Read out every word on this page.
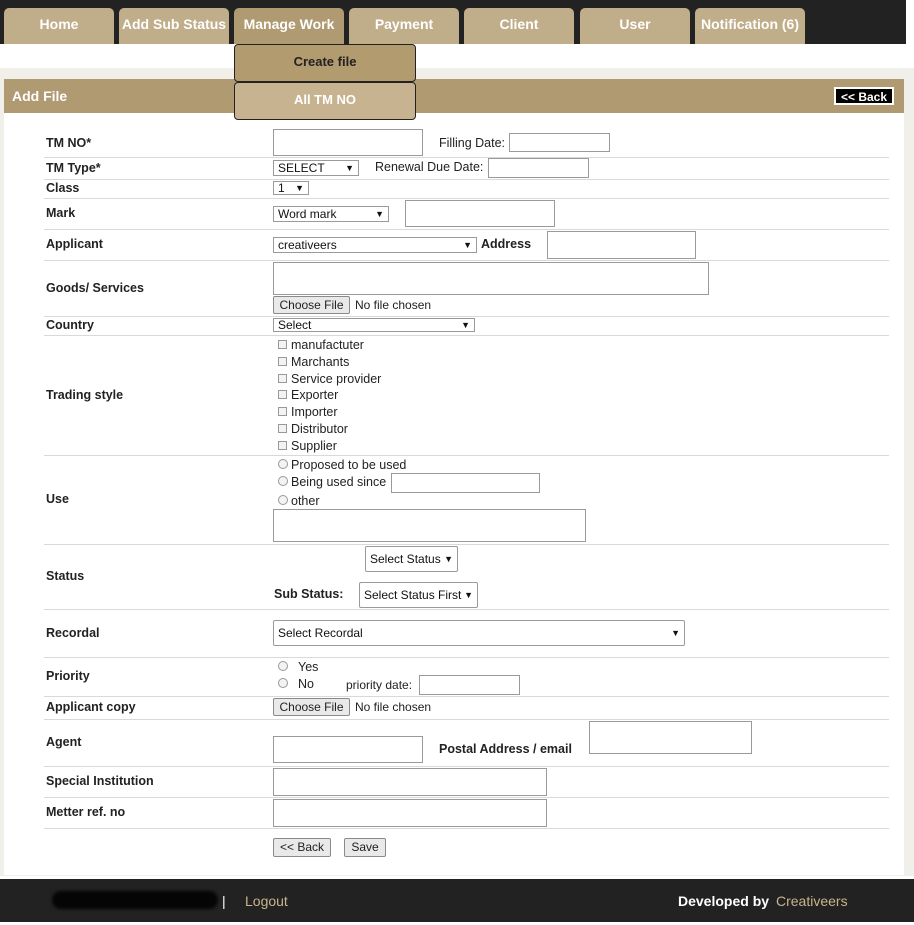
Home	Add Sub Status	Manage Work	Payment	Client	User	Notification (6)
Add File	<< Back
Create file
All TM NO
TM NO*	Filling Date:
TM Type*	SELECT ▼ Renewal Due Date:
Class	1 ▼
Mark	Word mark	▼
Applicant	creativeers	▼ Address
Goods/ Services
Choose File No file chosen
Country	Select	▼
Trading style
manufactuter
Marchants
Service provider
Exporter
Importer
Distributor
Supplier
Use
Proposed to be used
Being used since
other
Status
Select Status ▼
Sub Status:	Select Status First ▼
Recordal	Select Recordal	▼
Priority
Yes
No	priority date:
Applicant copy	Choose File No file chosen
Agent	Postal Address / email
Special Institution
Metter ref. no
<< Back	Save
| Logout	Developed by Creativeers
